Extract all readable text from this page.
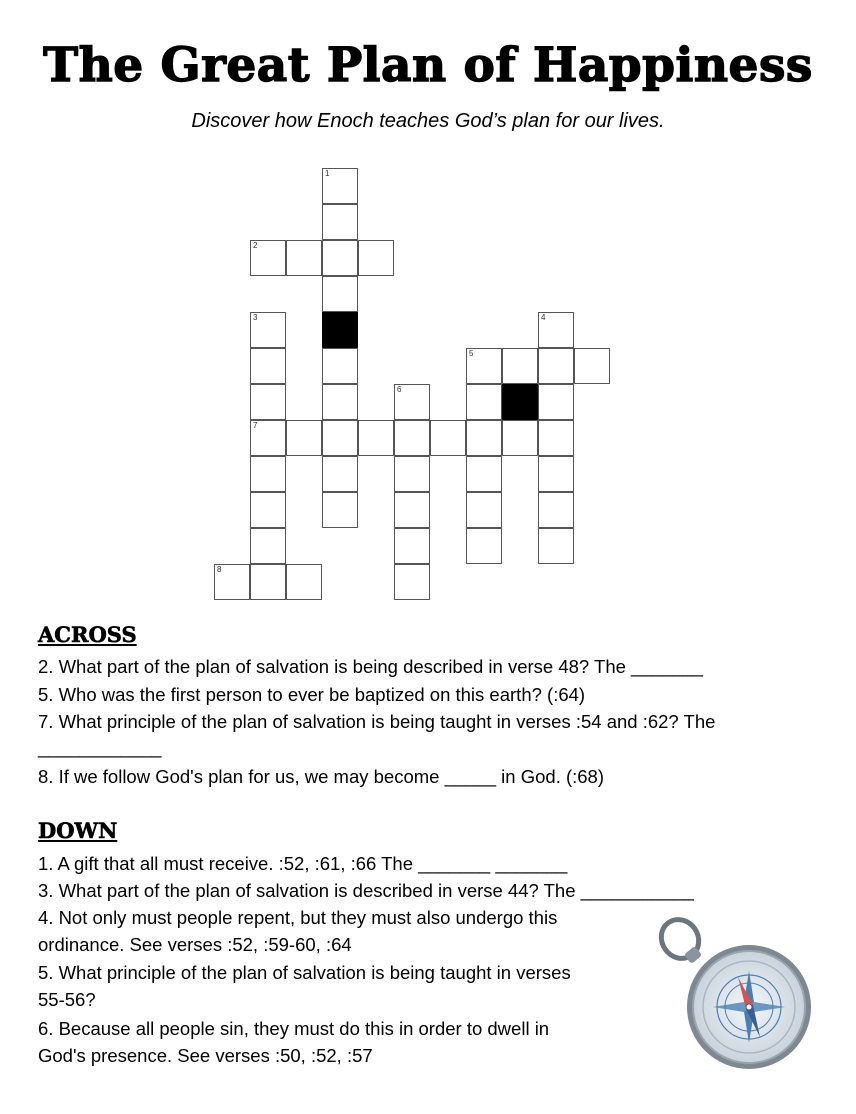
The Great Plan of Happiness
Discover how Enoch teaches God’s plan for our lives.
1
2
3
7
4
5
6
8
ACROSS
2. What part of the plan of salvation is being described in verse 48? The _______
5. Who was the first person to ever be baptized on this earth? (:64)
7. What principle of the plan of salvation is being taught in verses :54 and :62? The
____________
8. If we follow God's plan for us, we may become _____ in God. (:68)
DOWN
1. A gift that all must receive. :52, :61, :66 The _______ _______
3. What part of the plan of salvation is described in verse 44? The ___________
4. Not only must people repent, but they must also undergo this
ordinance. See verses :52, :59-60, :64
5. What principle of the plan of salvation is being taught in verses
55-56?
6. Because all people sin, they must do this in order to dwell in
God's presence. See verses :50, :52, :57
